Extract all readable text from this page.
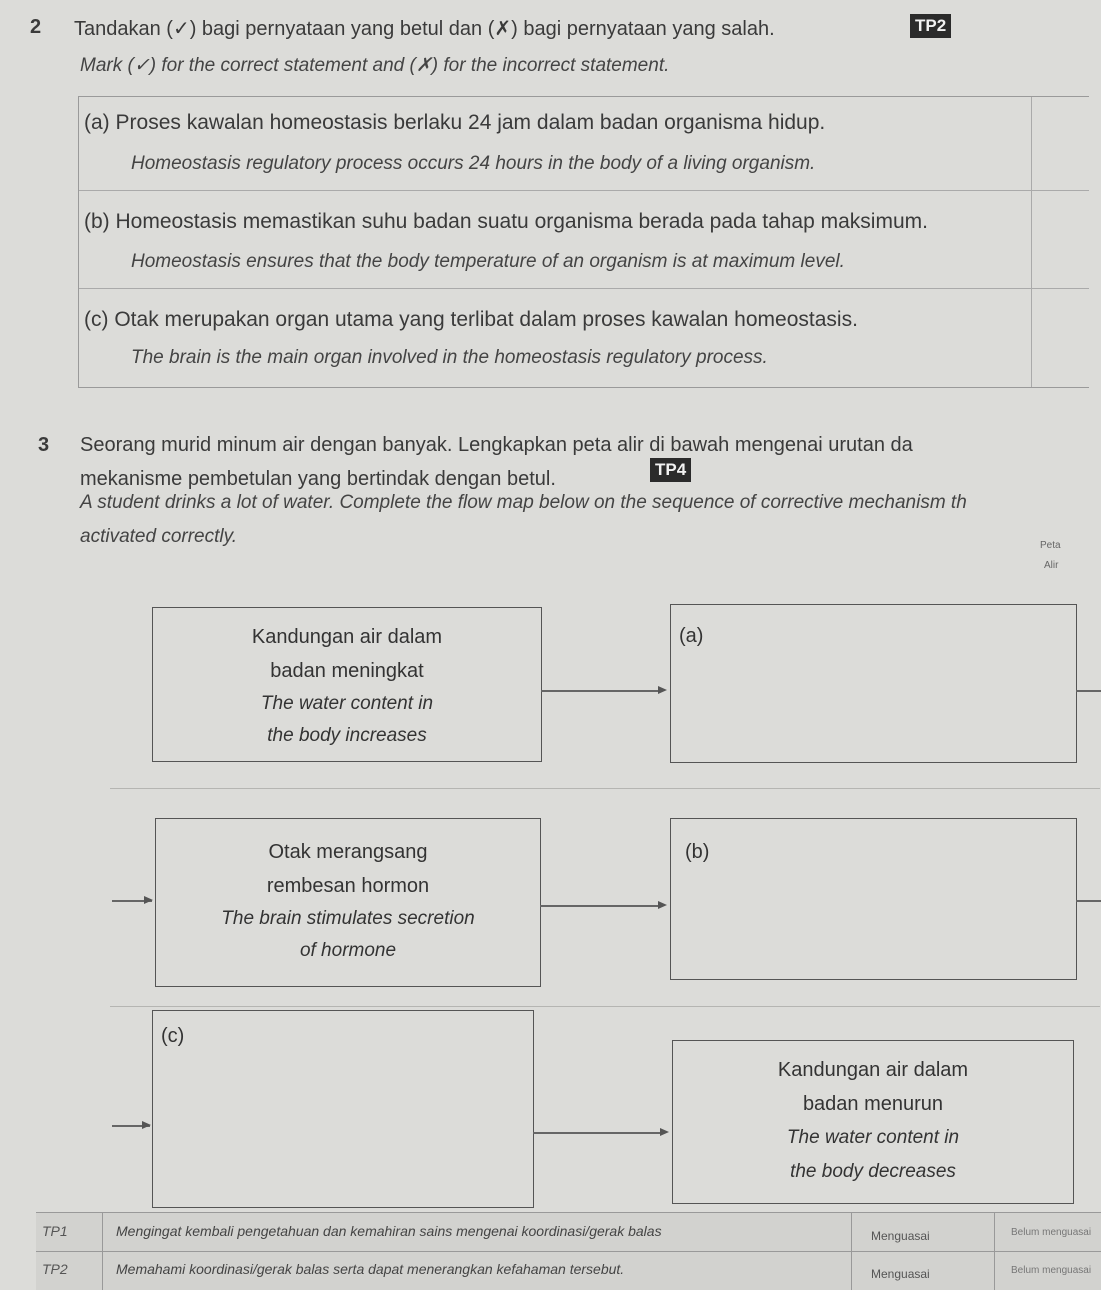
2 Tandakan (✓) bagi pernyataan yang betul dan (✗) bagi pernyataan yang salah.	TP2
Mark (✓) for the correct statement and (✗) for the incorrect statement.
(a) Proses kawalan homeostasis berlaku 24 jam dalam badan organisma hidup.
Homeostasis regulatory process occurs 24 hours in the body of a living organism.
(b) Homeostasis memastikan suhu badan suatu organisma berada pada tahap maksimum.
Homeostasis ensures that the body temperature of an organism is at maximum level.
(c) Otak merupakan organ utama yang terlibat dalam proses kawalan homeostasis.
The brain is the main organ involved in the homeostasis regulatory process.
3 Seorang murid minum air dengan banyak. Lengkapkan peta alir di bawah mengenai urutan da
mekanisme pembetulan yang bertindak dengan betul.	TP4
A student drinks a lot of water. Complete the flow map below on the sequence of corrective mechanism th
activated correctly.	Peta
Alir
Kandungan air dalam
badan meningkat
The water content in
the body increases
(a)
Otak merangsang
rembesan hormon
The brain stimulates secretion
of hormone
(b)
(c)
Kandungan air dalam
badan menurun
The water content in
the body decreases
TP1	Mengingat kembali pengetahuan dan kemahiran sains mengenai koordinasi/gerak balas	Menguasai	Belum menguasai
TP2	Memahami koordinasi/gerak balas serta dapat menerangkan kefahaman tersebut.	Menguasai	Belum menguasai
